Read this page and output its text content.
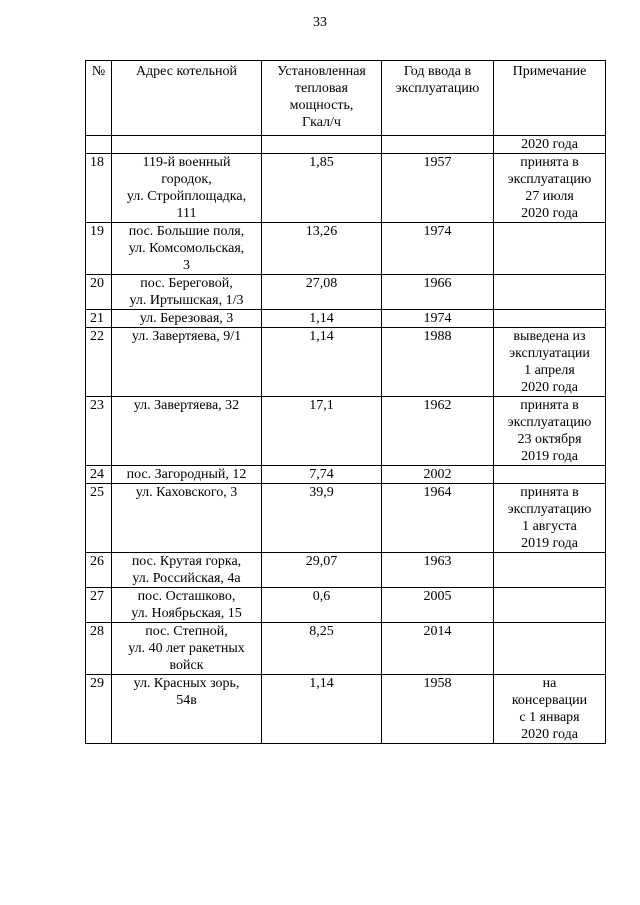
33
№	Адрес котельной	Установленная
тепловая
мощность,
Гкал/ч	Год ввода в
эксплуатацию	Примечание
				2020 года
18	119-й военный
городок,
ул. Стройплощадка,
111	1,85	1957	принята в
эксплуатацию
27 июля
2020 года
19	пос. Большие поля,
ул. Комсомольская,
3	13,26	1974	
20	пос. Береговой,
ул. Иртышская, 1/3	27,08	1966	
21	ул. Березовая, 3	1,14	1974	
22	ул. Завертяева, 9/1	1,14	1988	выведена из
эксплуатации
1 апреля
2020 года
23	ул. Завертяева, 32	17,1	1962	принята в
эксплуатацию
23 октября
2019 года
24	пос. Загородный, 12	7,74	2002	
25	ул. Каховского, 3	39,9	1964	принята в
эксплуатацию
1 августа
2019 года
26	пос. Крутая горка,
ул. Российская, 4а	29,07	1963	
27	пос. Осташково,
ул. Ноябрьская, 15	0,6	2005	
28	пос. Степной,
ул. 40 лет ракетных
войск	8,25	2014	
29	ул. Красных зорь,
54в	1,14	1958	на
консервации
с 1 января
2020 года
